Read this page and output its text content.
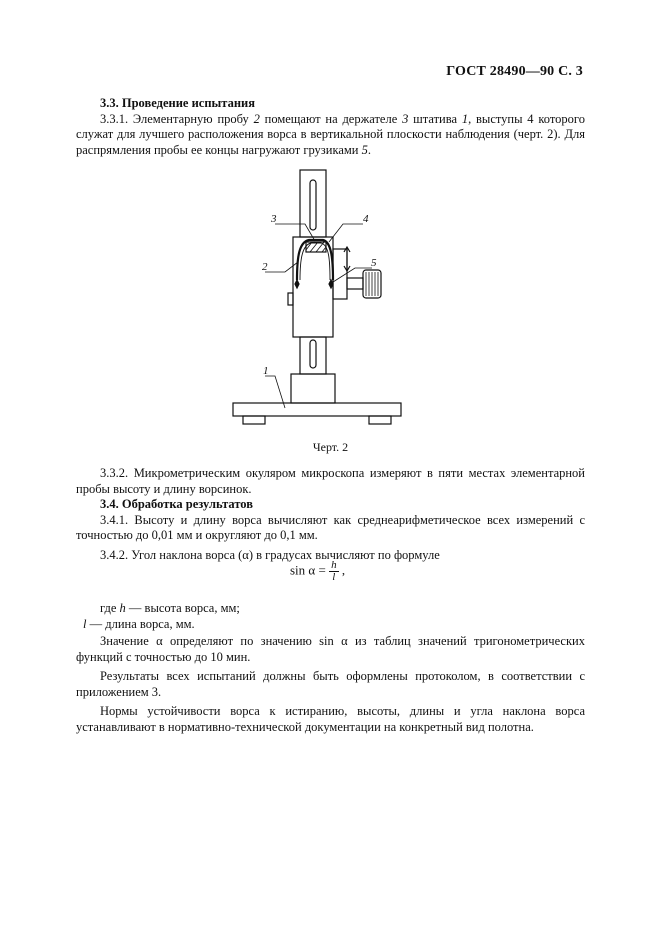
ГОСТ 28490—90 С. 3

3.3. Проведение испытания

3.3.1. Элементарную пробу 2 помещают на держателе 3 штатива 1, выступы 4 которого служат для лучшего расположения ворса в вертикальной плоскости наблюдения (черт. 2). Для распрямления пробы ее концы нагружают грузиками 5.

3	4
2	5
1
Черт. 2

3.3.2. Микрометрическим окуляром микроскопа измеряют в пяти местах элементарной пробы высоту и длину ворсинок.

3.4. Обработка результатов

3.4.1. Высоту и длину ворса вычисляют как среднеарифметическое всех измерений с точностью до 0,01 мм и округляют до 0,1 мм.

3.4.2. Угол наклона ворса (α) в градусах вычисляют по формуле

$\sin \alpha = \frac{h}{l}$ ,

где h — высота ворса, мм;

l — длина ворса, мм.

Значение α определяют по значению sin α из таблиц значений тригонометрических функций с точностью до 10 мин.

Результаты всех испытаний должны быть оформлены протоколом, в соответствии с приложением 3.

Нормы устойчивости ворса к истиранию, высоты, длины и угла наклона ворса устанавливают в нормативно-технической документации на конкретный вид полотна.
